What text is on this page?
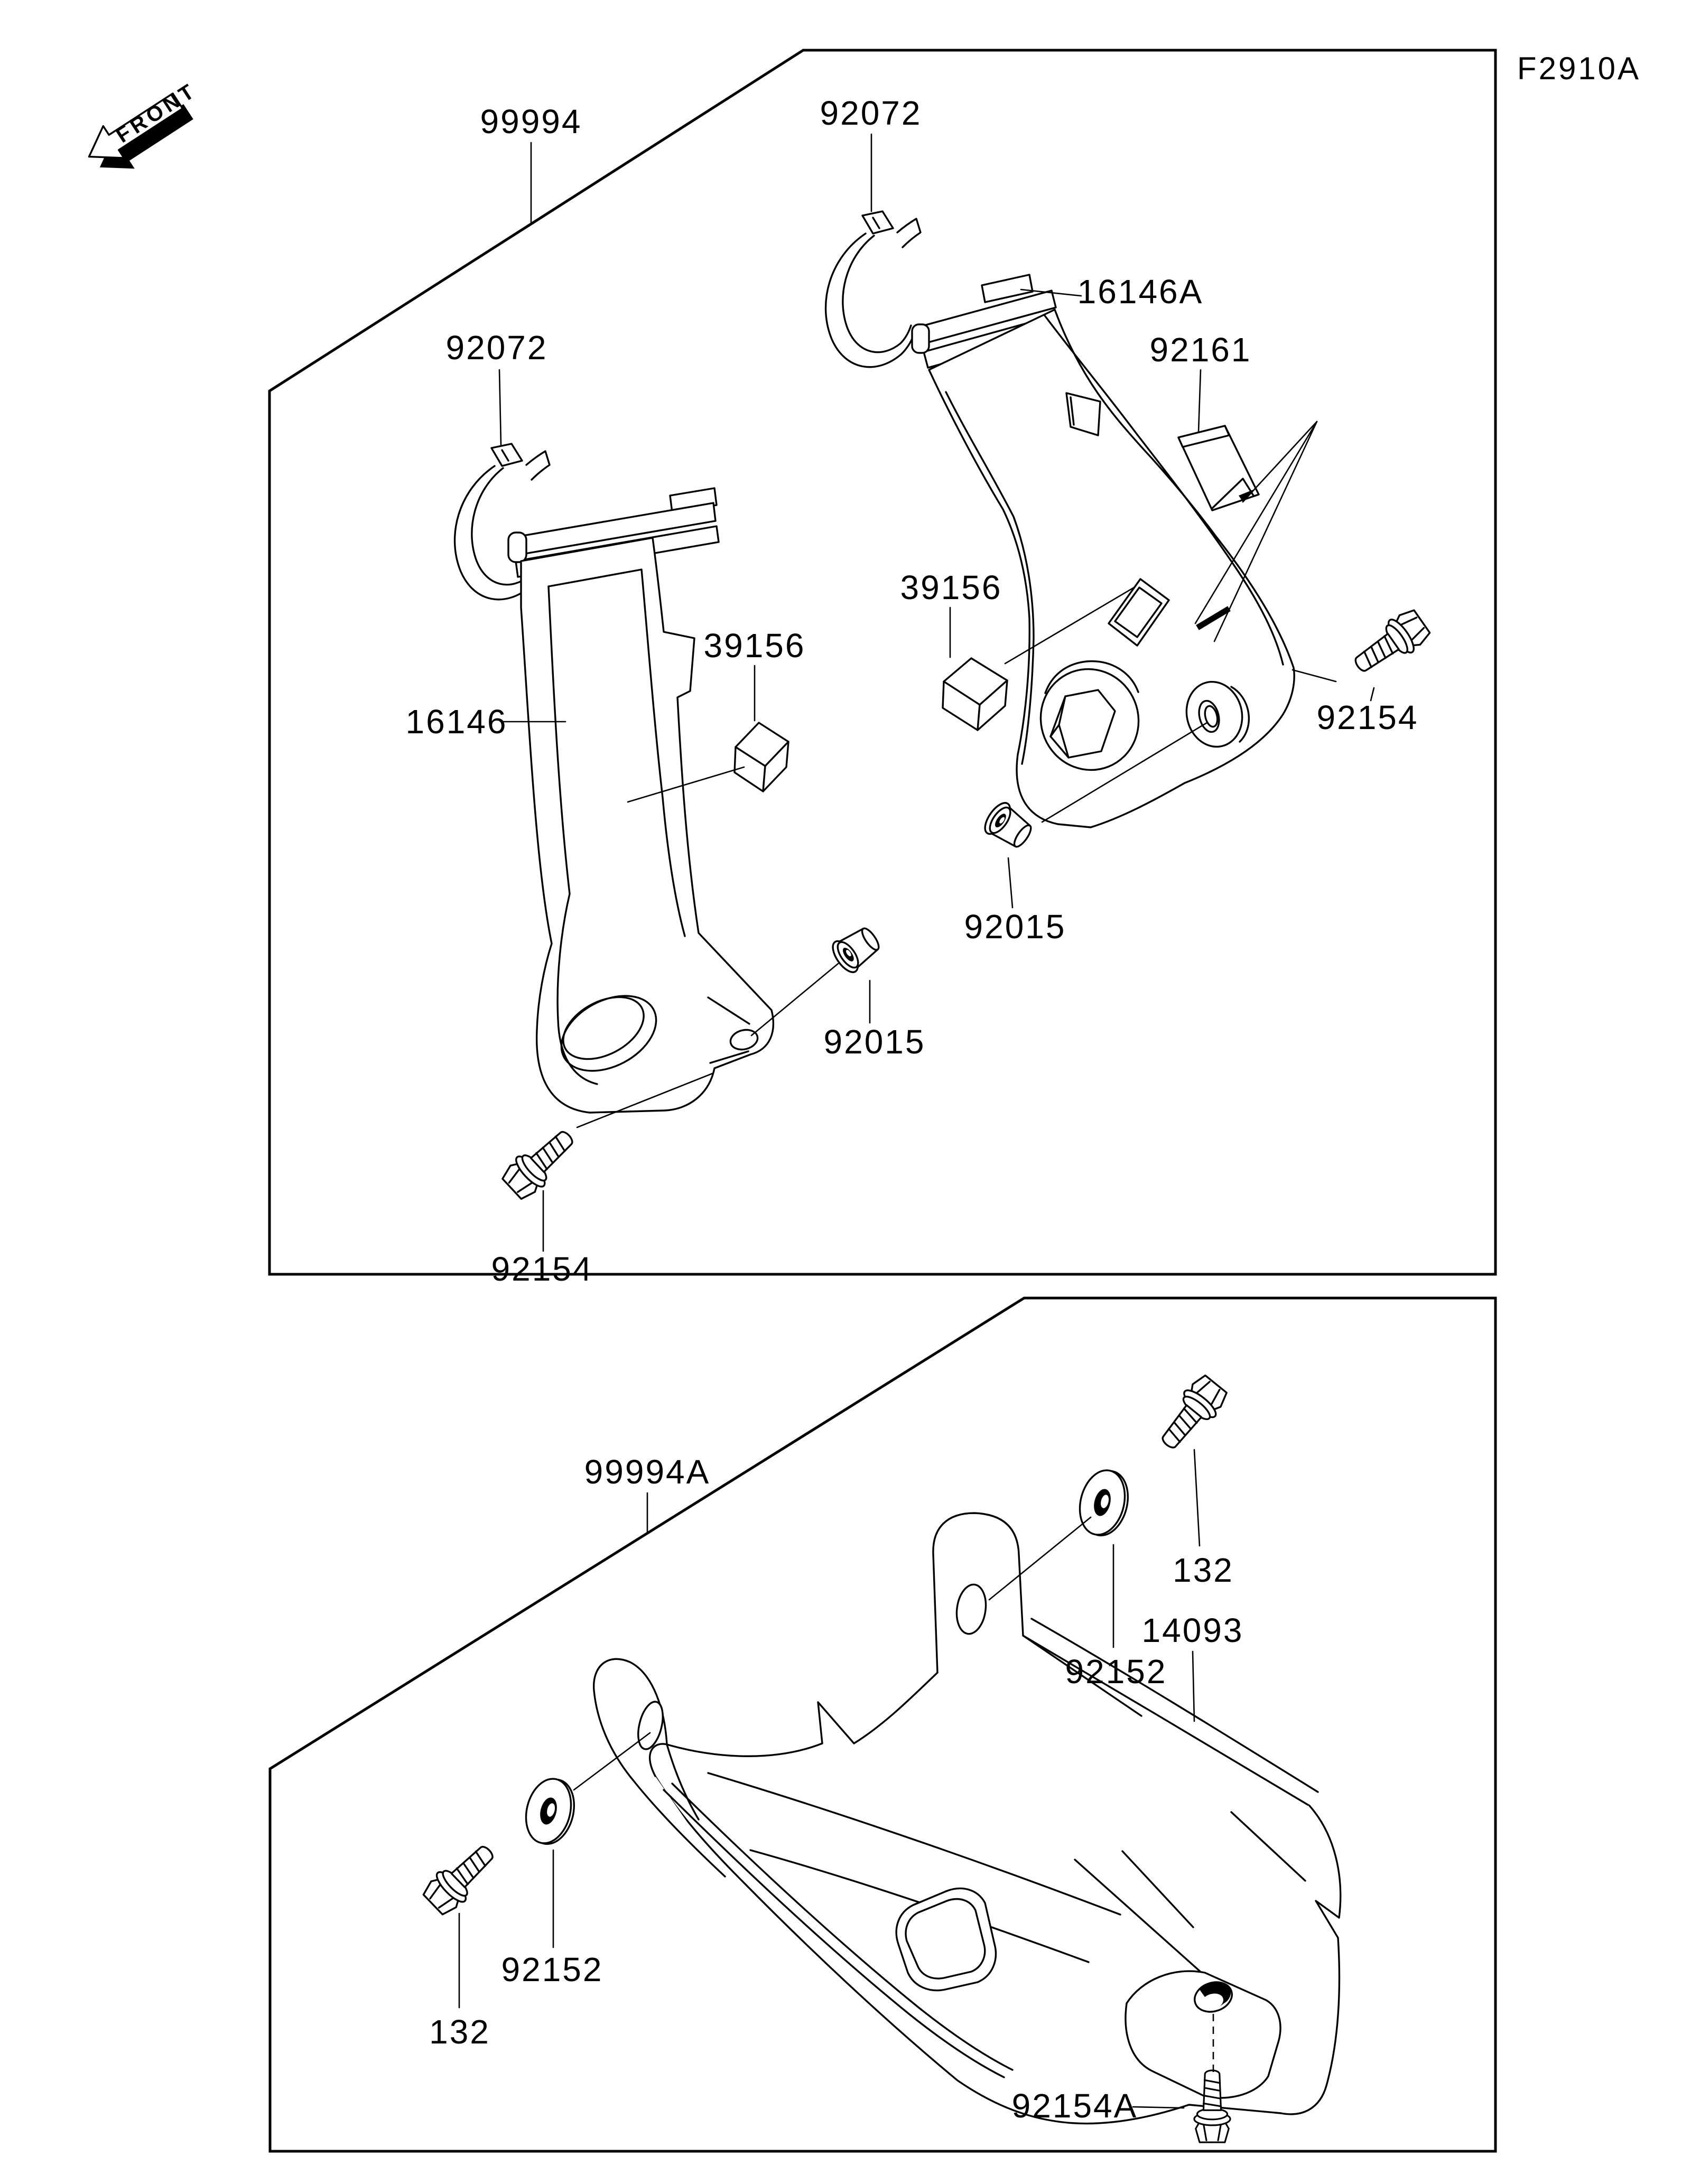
F2910A
FRONT	99994	92072
92072
16146A
92161
39156
39156
16146	92154
92015
92015
92154
99994A
132
92152
14093
92152
132
92154A
